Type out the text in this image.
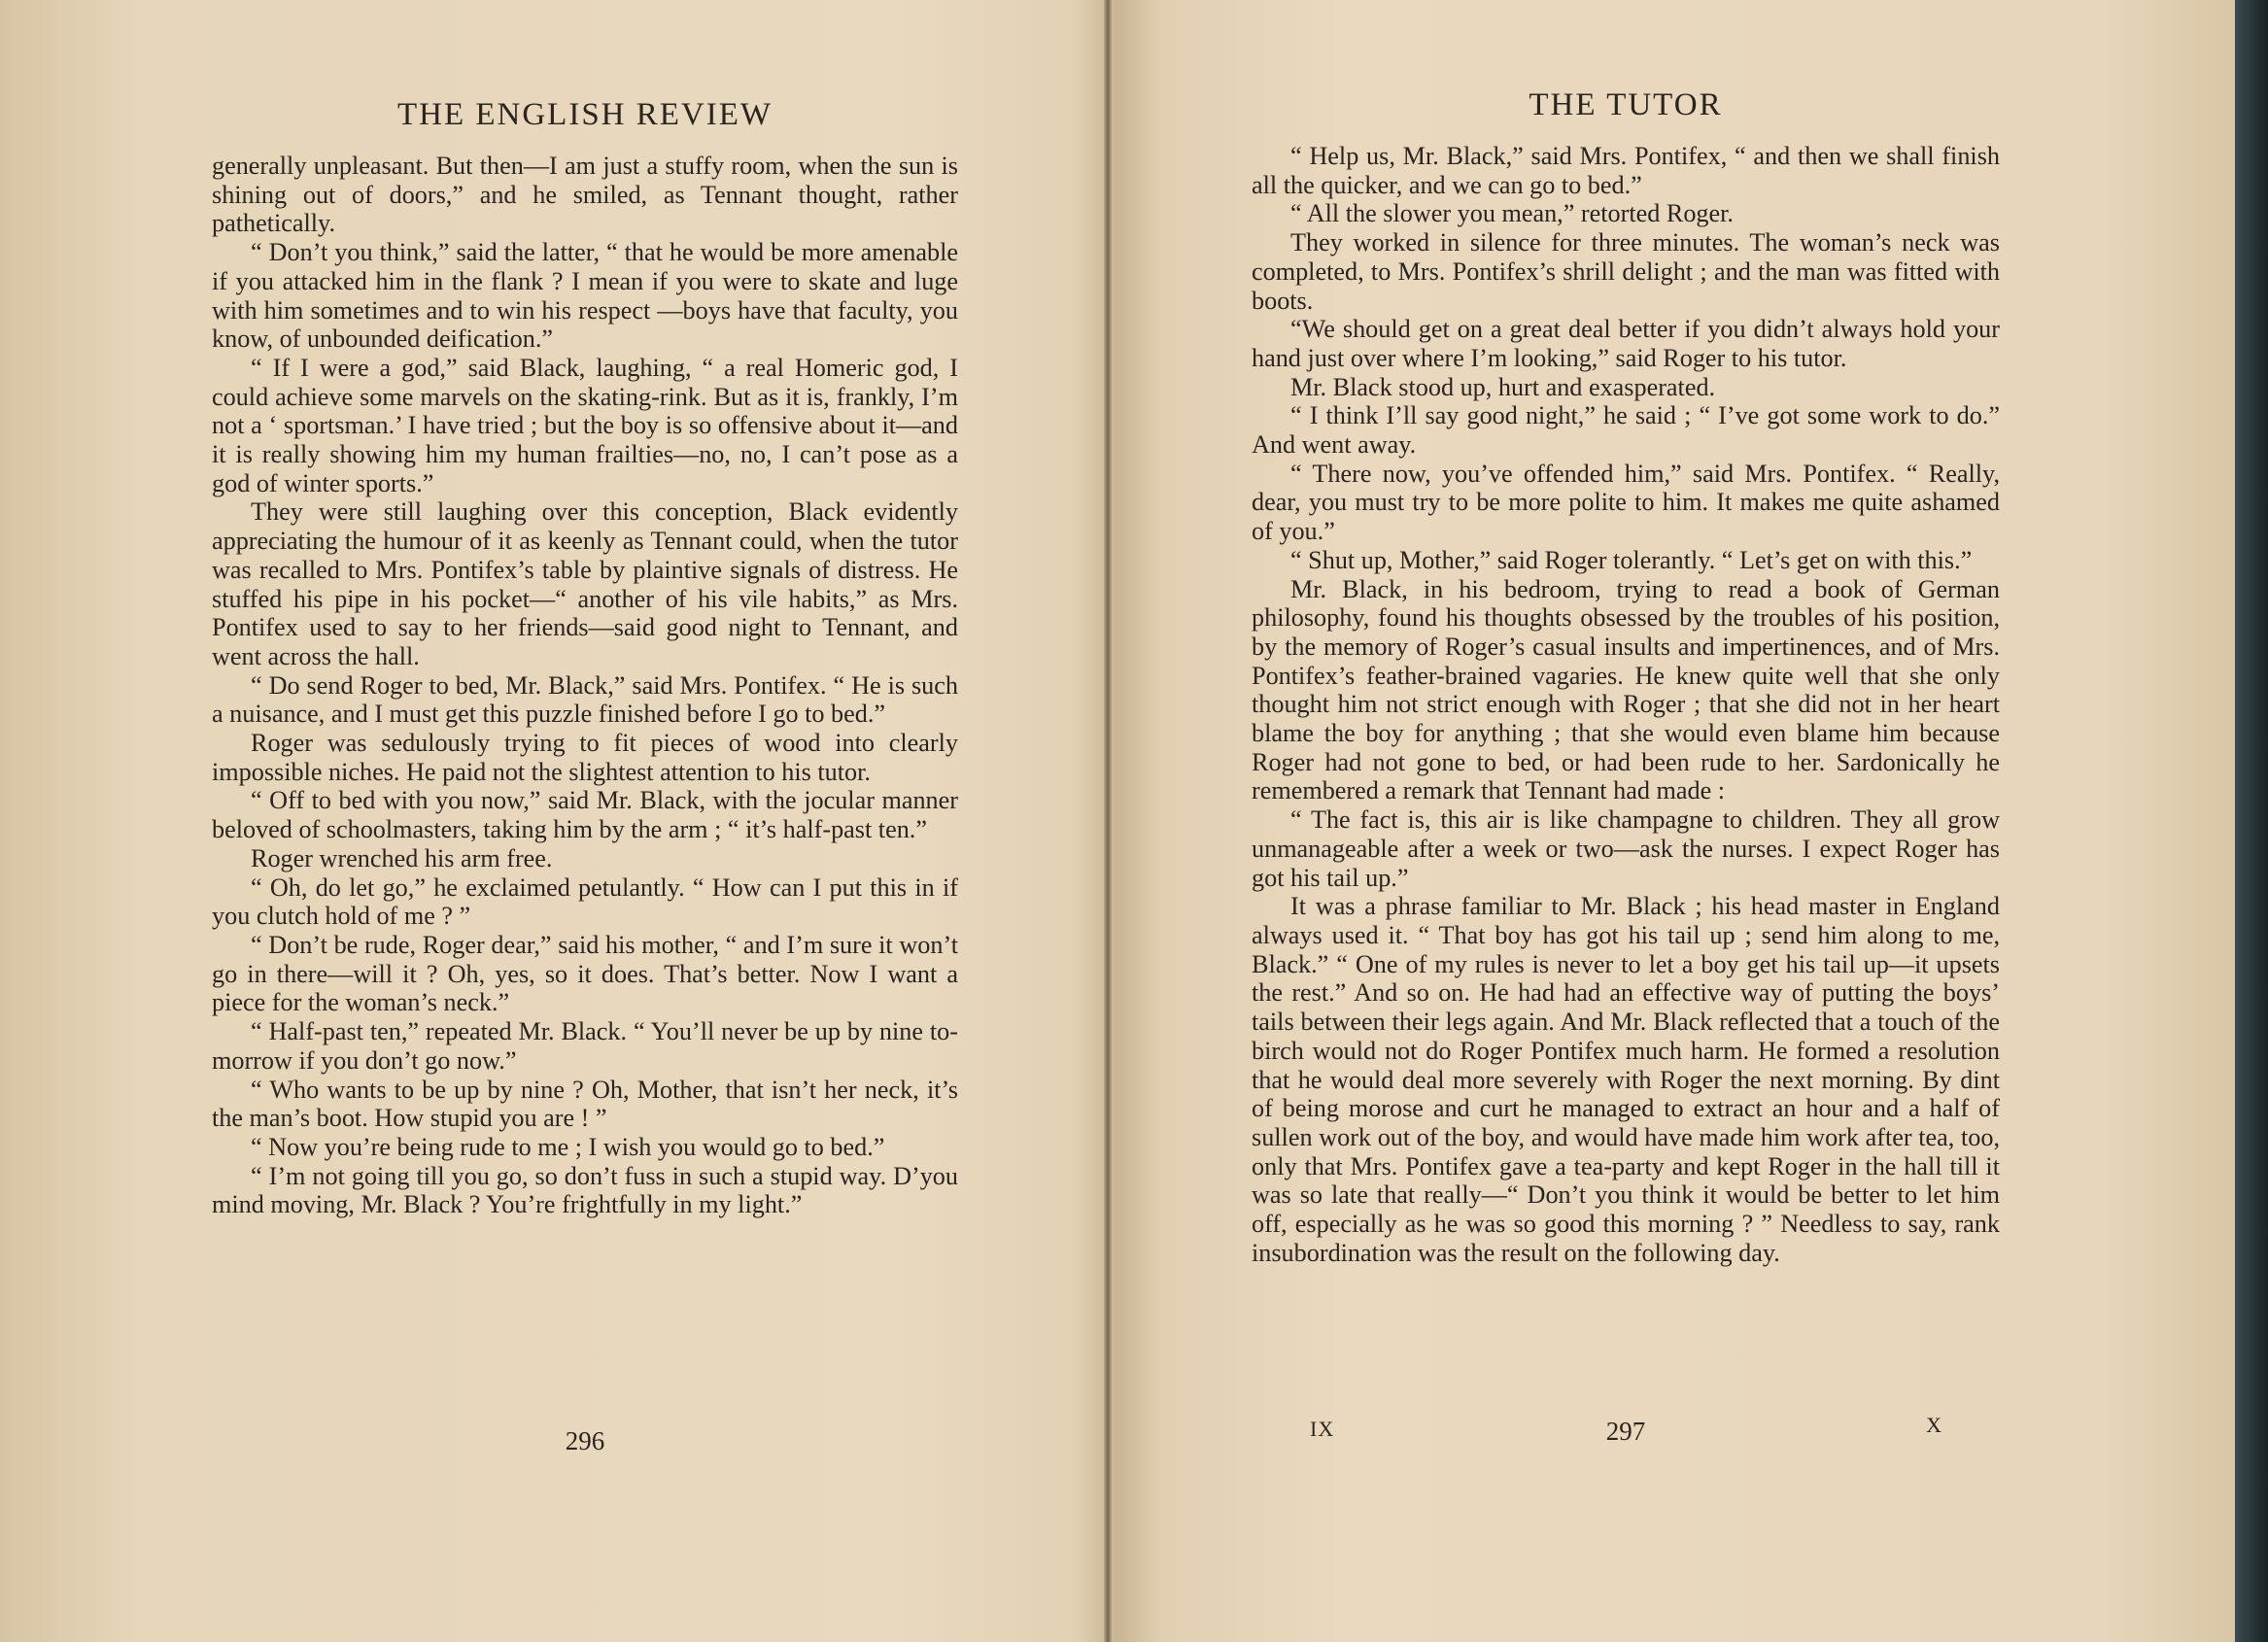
THE ENGLISH REVIEW

generally unpleasant. But then—I am just a stuffy room, when the sun is shining out of doors,” and he smiled, as Tennant thought, rather pathetically.

“ Don’t you think,” said the latter, “ that he would be more amenable if you attacked him in the flank ? I mean if you were to skate and luge with him sometimes and to win his respect —boys have that faculty, you know, of unbounded deification.”

“ If I were a god,” said Black, laughing, “ a real Homeric god, I could achieve some marvels on the skating-rink. But as it is, frankly, I’m not a ‘ sportsman.’ I have tried ; but the boy is so offensive about it—and it is really showing him my human frailties—no, no, I can’t pose as a god of winter sports.”

They were still laughing over this conception, Black evidently appreciating the humour of it as keenly as Tennant could, when the tutor was recalled to Mrs. Pontifex’s table by plaintive signals of distress. He stuffed his pipe in his pocket—“ another of his vile habits,” as Mrs. Pontifex used to say to her friends—said good night to Tennant, and went across the hall.

“ Do send Roger to bed, Mr. Black,” said Mrs. Pontifex. “ He is such a nuisance, and I must get this puzzle finished before I go to bed.”

Roger was sedulously trying to fit pieces of wood into clearly impossible niches. He paid not the slightest attention to his tutor.

“ Off to bed with you now,” said Mr. Black, with the jocular manner beloved of schoolmasters, taking him by the arm ; “ it’s half-past ten.”

Roger wrenched his arm free.

“ Oh, do let go,” he exclaimed petulantly. “ How can I put this in if you clutch hold of me ? ”

“ Don’t be rude, Roger dear,” said his mother, “ and I’m sure it won’t go in there—will it ? Oh, yes, so it does. That’s better. Now I want a piece for the woman’s neck.”

“ Half-past ten,” repeated Mr. Black. “ You’ll never be up by nine to-morrow if you don’t go now.”

“ Who wants to be up by nine ? Oh, Mother, that isn’t her neck, it’s the man’s boot. How stupid you are ! ”

“ Now you’re being rude to me ; I wish you would go to bed.”

“ I’m not going till you go, so don’t fuss in such a stupid way. D’you mind moving, Mr. Black ? You’re frightfully in my light.”

296
THE TUTOR

“ Help us, Mr. Black,” said Mrs. Pontifex, “ and then we shall finish all the quicker, and we can go to bed.”

“ All the slower you mean,” retorted Roger.

They worked in silence for three minutes. The woman’s neck was completed, to Mrs. Pontifex’s shrill delight ; and the man was fitted with boots.

“We should get on a great deal better if you didn’t always hold your hand just over where I’m looking,” said Roger to his tutor.

Mr. Black stood up, hurt and exasperated.

“ I think I’ll say good night,” he said ; “ I’ve got some work to do.” And went away.

“ There now, you’ve offended him,” said Mrs. Pontifex. “ Really, dear, you must try to be more polite to him. It makes me quite ashamed of you.”

“ Shut up, Mother,” said Roger tolerantly. “ Let’s get on with this.”

Mr. Black, in his bedroom, trying to read a book of German philosophy, found his thoughts obsessed by the troubles of his position, by the memory of Roger’s casual insults and impertinences, and of Mrs. Pontifex’s feather-brained vagaries. He knew quite well that she only thought him not strict enough with Roger ; that she did not in her heart blame the boy for anything ; that she would even blame him because Roger had not gone to bed, or had been rude to her. Sardonically he remembered a remark that Tennant had made :

“ The fact is, this air is like champagne to children. They all grow unmanageable after a week or two—ask the nurses. I expect Roger has got his tail up.”

It was a phrase familiar to Mr. Black ; his head master in England always used it. “ That boy has got his tail up ; send him along to me, Black.” “ One of my rules is never to let a boy get his tail up—it upsets the rest.” And so on. He had had an effective way of putting the boys’ tails between their legs again. And Mr. Black reflected that a touch of the birch would not do Roger Pontifex much harm. He formed a resolution that he would deal more severely with Roger the next morning. By dint of being morose and curt he managed to extract an hour and a half of sullen work out of the boy, and would have made him work after tea, too, only that Mrs. Pontifex gave a tea-party and kept Roger in the hall till it was so late that really—“ Don’t you think it would be better to let him off, especially as he was so good this morning ? ” Needless to say, rank insubordination was the result on the following day.

IX	297	X
